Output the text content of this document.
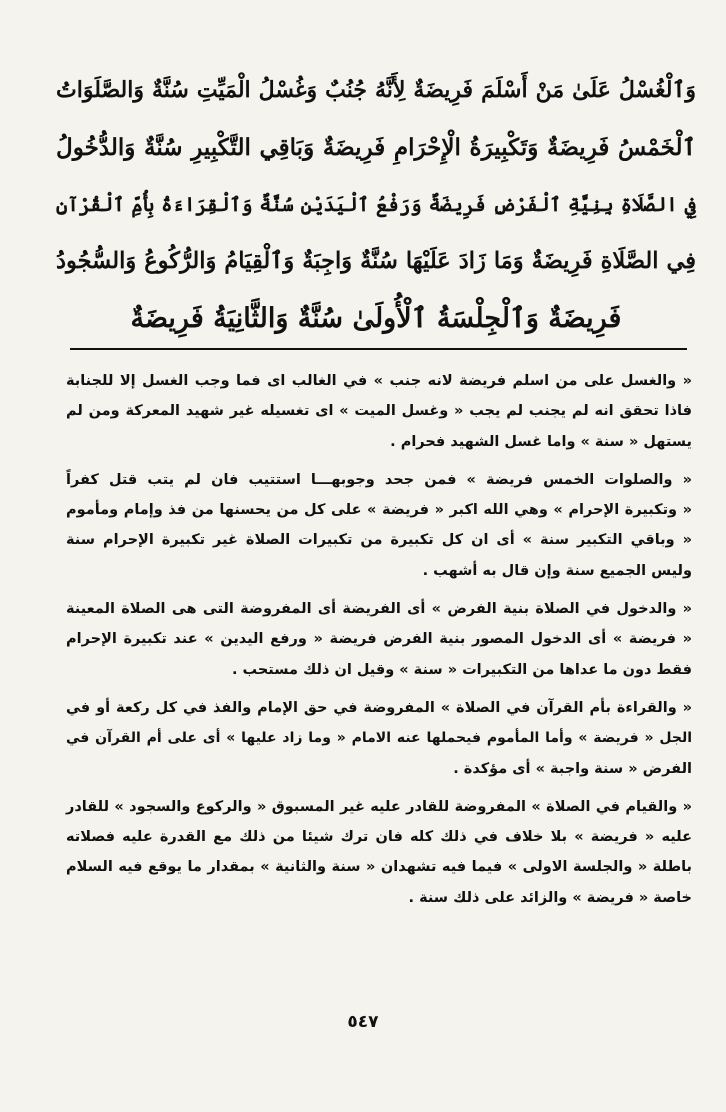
وَٱلْغُسْلُ عَلَىٰ مَنْ أَسْلَمَ فَرِيضَةٌ لِأَنَّهُ جُنُبٌ وَغُسْلُ الْمَيِّتِ سُنَّةٌ وَالصَّلَوَاتُ
ٱلْخَمْسُ فَرِيضَةٌ وَتَكْبِيرَةُ الْإِحْرَامِ فَرِيضَةٌ وَبَاقِي التَّكْبِيرِ سُنَّةٌ وَالدُّخُولُ
فِي الصَّلَاةِ بِنِيَّةِ ٱلْفَرْضِ فَرِيضَةٌ وَرَفْعُ ٱلْيَدَيْنِ سُنَّةٌ وَٱلْقِرَاءَةُ بِأُمِّ ٱلْقُرْآنِ
فِي الصَّلَاةِ فَرِيضَةٌ وَمَا زَادَ عَلَيْهَا سُنَّةٌ وَاجِبَةٌ وَٱلْقِيَامُ وَالرُّكُوعُ وَالسُّجُودُ
فَرِيضَةٌ وَٱلْجِلْسَةُ ٱلْأُولَىٰ سُنَّةٌ وَالثَّانِيَةُ فَرِيضَةٌ
« والغسل على من اسلم فريضة لانه جنب » في الغالب اى فما وجب الغسل إلا للجنابة
فاذا تحقق انه لم يجنب لم يجب « وغسل الميت » اى تغسيله غير شهيد المعركة ومن لم
يستهل « سنة » واما غسل الشهيد فحرام .
« والصلوات الخمس فريضة » فمن جحد وجوبهـــا استتيب فان لم يتب قتل كفراً
« وتكبيرة الإحرام » وهي الله اكبر « فريضة » على كل من يحسنها من فذ وإمام ومأموم
« وباقي التكبير سنة » أى ان كل تكبيرة من تكبيرات الصلاة غير تكبيرة الإحرام سنة
وليس الجميع سنة وإن قال به أشهب .
« والدخول في الصلاة بنية الفرض » أى الفريضة أى المفروضة التى هى الصلاة المعينة
« فريضة » أى الدخول المصور بنية الفرض فريضة « ورفع اليدين » عند تكبيرة الإحرام
فقط دون ما عداها من التكبيرات « سنة » وقيل ان ذلك مستحب .
« والقراءة بأم القرآن في الصلاة » المفروضة في حق الإمام والفذ في كل ركعة أو في
الجل « فريضة » وأما المأموم فيحملها عنه الامام « وما زاد عليها » أى على أم القرآن في
الفرض « سنة واجبة » أى مؤكدة .
« والقيام في الصلاة » المفروضة للقادر عليه غير المسبوق « والركوع والسجود » للقادر
عليه « فريضة » بلا خلاف في ذلك كله فان ترك شيئا من ذلك مع القدرة عليه فصلاته
باطلة « والجلسة الاولى » فيما فيه تشهدان « سنة والثانية » بمقدار ما يوقع فيه السلام
خاصة « فريضة » والزائد على ذلك سنة .
٥٤٧
